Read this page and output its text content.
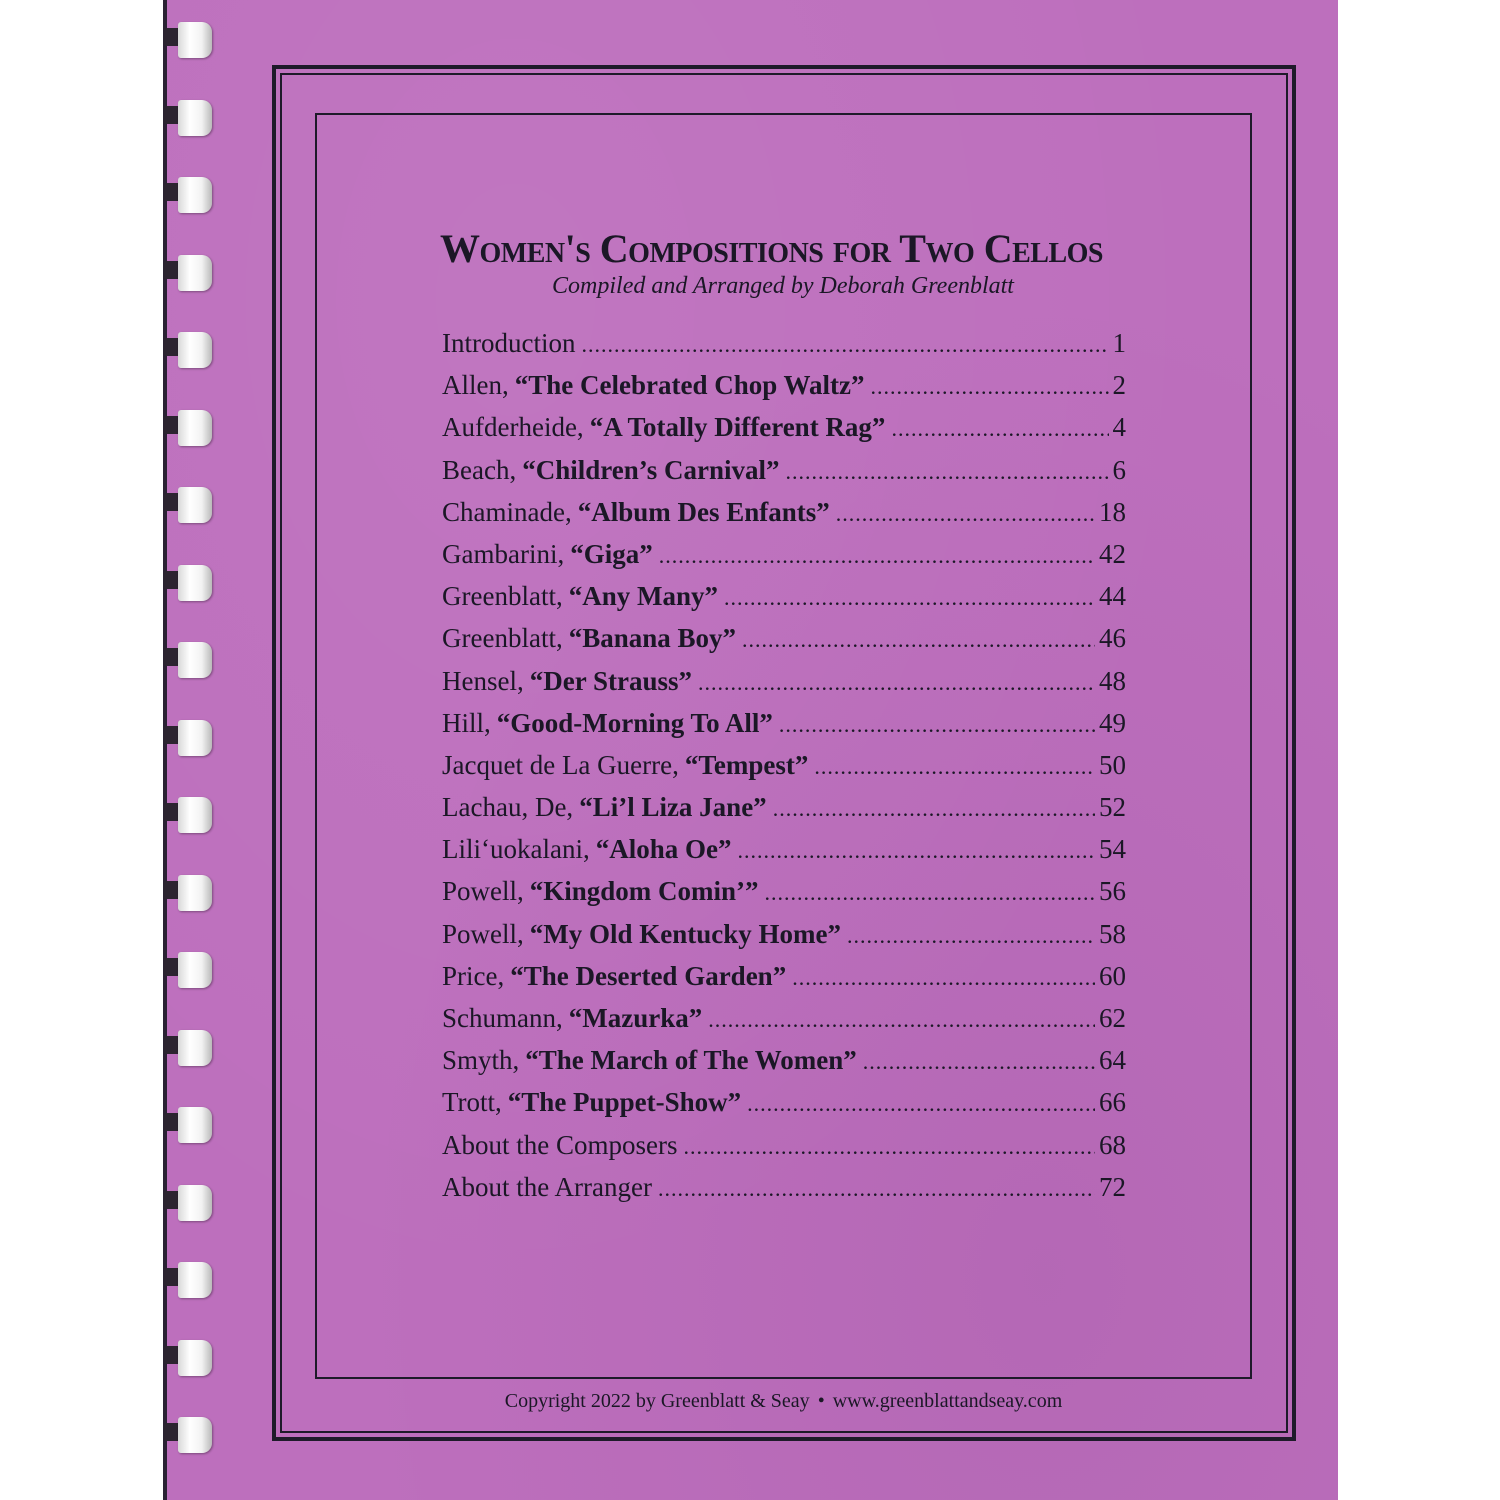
Women's Compositions for Two Cellos
Compiled and Arranged by Deborah Greenblatt
Introduction .....	1
Allen, “The Celebrated Chop Waltz” .....	2
Aufderheide, “A Totally Different Rag” .....	4
Beach, “Children’s Carnival” .....	6
Chaminade, “Album Des Enfants” .....	18
Gambarini, “Giga” .....	42
Greenblatt, “Any Many” .....	44
Greenblatt, “Banana Boy” .....	46
Hensel, “Der Strauss” .....	48
Hill, “Good-Morning To All” .....	49
Jacquet de La Guerre, “Tempest” .....	50
Lachau, De, “Li’l Liza Jane” .....	52
Lili‘uokalani, “Aloha Oe” .....	54
Powell, “Kingdom Comin’” .....	56
Powell, “My Old Kentucky Home” .....	58
Price, “The Deserted Garden” .....	60
Schumann, “Mazurka” .....	62
Smyth, “The March of The Women” .....	64
Trott, “The Puppet-Show” .....	66
About the Composers .....	68
About the Arranger .....	72
Copyright 2022 by Greenblatt & Seay • www.greenblattandseay.com
